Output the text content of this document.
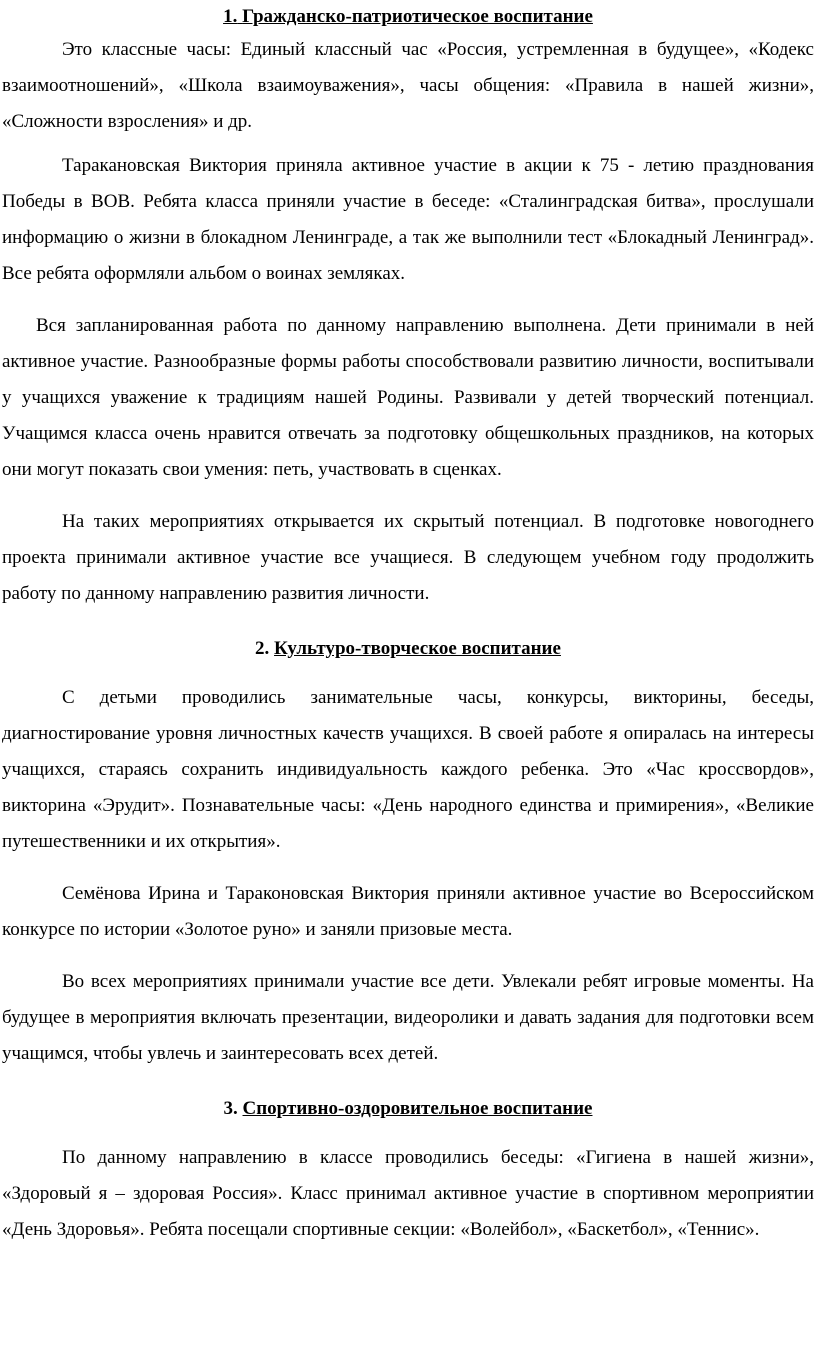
1. Гражданско-патриотическое воспитание

Это классные часы: Единый классный час «Россия, устремленная в будущее», «Кодекс взаимоотношений», «Школа взаимоуважения», часы общения: «Правила в нашей жизни», «Сложности взросления» и др.

Таракановская Виктория приняла активное участие в акции к 75 - летию празднования Победы в ВОВ. Ребята класса приняли участие в беседе: «Сталинградская битва», прослушали информацию о жизни в блокадном Ленинграде, а так же выполнили тест «Блокадный Ленинград». Все ребята оформляли альбом о воинах земляках.

Вся запланированная работа по данному направлению выполнена. Дети принимали в ней активное участие. Разнообразные формы работы способствовали развитию личности, воспитывали у учащихся уважение к традициям нашей Родины. Развивали у детей творческий потенциал. Учащимся класса очень нравится отвечать за подготовку общешкольных праздников, на которых они могут показать свои умения: петь, участвовать в сценках.

На таких мероприятиях открывается их скрытый потенциал. В подготовке новогоднего проекта принимали активное участие все учащиеся. В следующем учебном году продолжить работу по данному направлению развития личности.

2. Культуро-творческое воспитание

С детьми проводились занимательные часы, конкурсы, викторины, беседы, диагностирование уровня личностных качеств учащихся. В своей работе я опиралась на интересы учащихся, стараясь сохранить индивидуальность каждого ребенка. Это «Час кроссвордов», викторина «Эрудит». Познавательные часы: «День народного единства и примирения», «Великие путешественники и их открытия».

Семёнова Ирина и Тараконовская Виктория приняли активное участие во Всероссийском конкурсе по истории «Золотое руно» и заняли призовые места.

Во всех мероприятиях принимали участие все дети. Увлекали ребят игровые моменты. На будущее в мероприятия включать презентации, видеоролики и давать задания для подготовки всем учащимся, чтобы увлечь и заинтересовать всех детей.

3. Спортивно-оздоровительное воспитание

По данному направлению в классе проводились беседы: «Гигиена в нашей жизни», «Здоровый я – здоровая Россия». Класс принимал активное участие в спортивном мероприятии «День Здоровья». Ребята посещали спортивные секции: «Волейбол», «Баскетбол», «Теннис».
